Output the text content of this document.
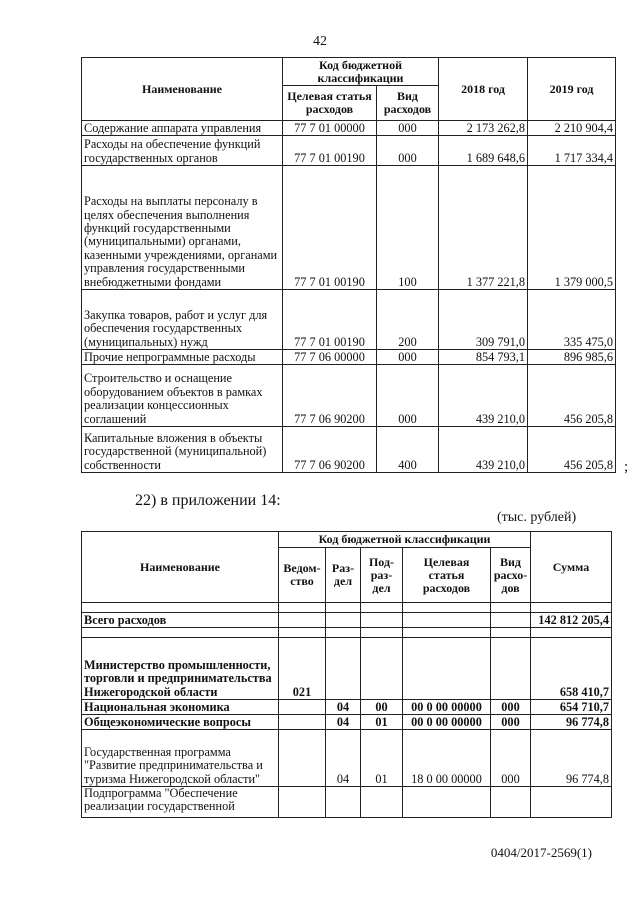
42
Наименование	Код бюджетной классификации		2018 год	2019 год
	Целевая статья расходов	Вид расходов		
Содержание аппарата управления	77 7 01 00000	000	2 173 262,8	2 210 904,4
Расходы на обеспечение функций государственных органов	77 7 01 00190	000	1 689 648,6	1 717 334,4
Расходы на выплаты персоналу в целях обеспечения выполнения функций государственными (муниципальными) органами, казенными учреждениями, органами управления государственными внебюджетными фондами	77 7 01 00190	100	1 377 221,8	1 379 000,5
Закупка товаров, работ и услуг для обеспечения государственных (муниципальных) нужд	77 7 01 00190	200	309 791,0	335 475,0
Прочие непрограммные расходы	77 7 06 00000	000	854 793,1	896 985,6
Строительство и оснащение оборудованием объектов в рамках реализации концессионных соглашений	77 7 06 90200	000	439 210,0	456 205,8
Капитальные вложения в объекты государственной (муниципальной) собственности	77 7 06 90200	400	439 210,0	456 205,8 ;
22) в приложении 14:
(тыс. рублей)
Наименование	Код бюджетной классификации					Сумма
	Ведом-ство	Раз-дел	Под-раз-дел	Целевая статья расходов	Вид расхо-дов	

Всего расходов						142 812 205,4

Министерство промышленности, торговли и предпринимательства Нижегородской области	021					658 410,7
Национальная экономика		04	00	00 0 00 00000	000	654 710,7
Общеэкономические вопросы		04	01	00 0 00 00000	000	96 774,8
Государственная программа "Развитие предпринимательства и туризма Нижегородской области"		04	01	18 0 00 00000	000	96 774,8
Подпрограмма "Обеспечение реализации государственной						
0404/2017-2569(1)
